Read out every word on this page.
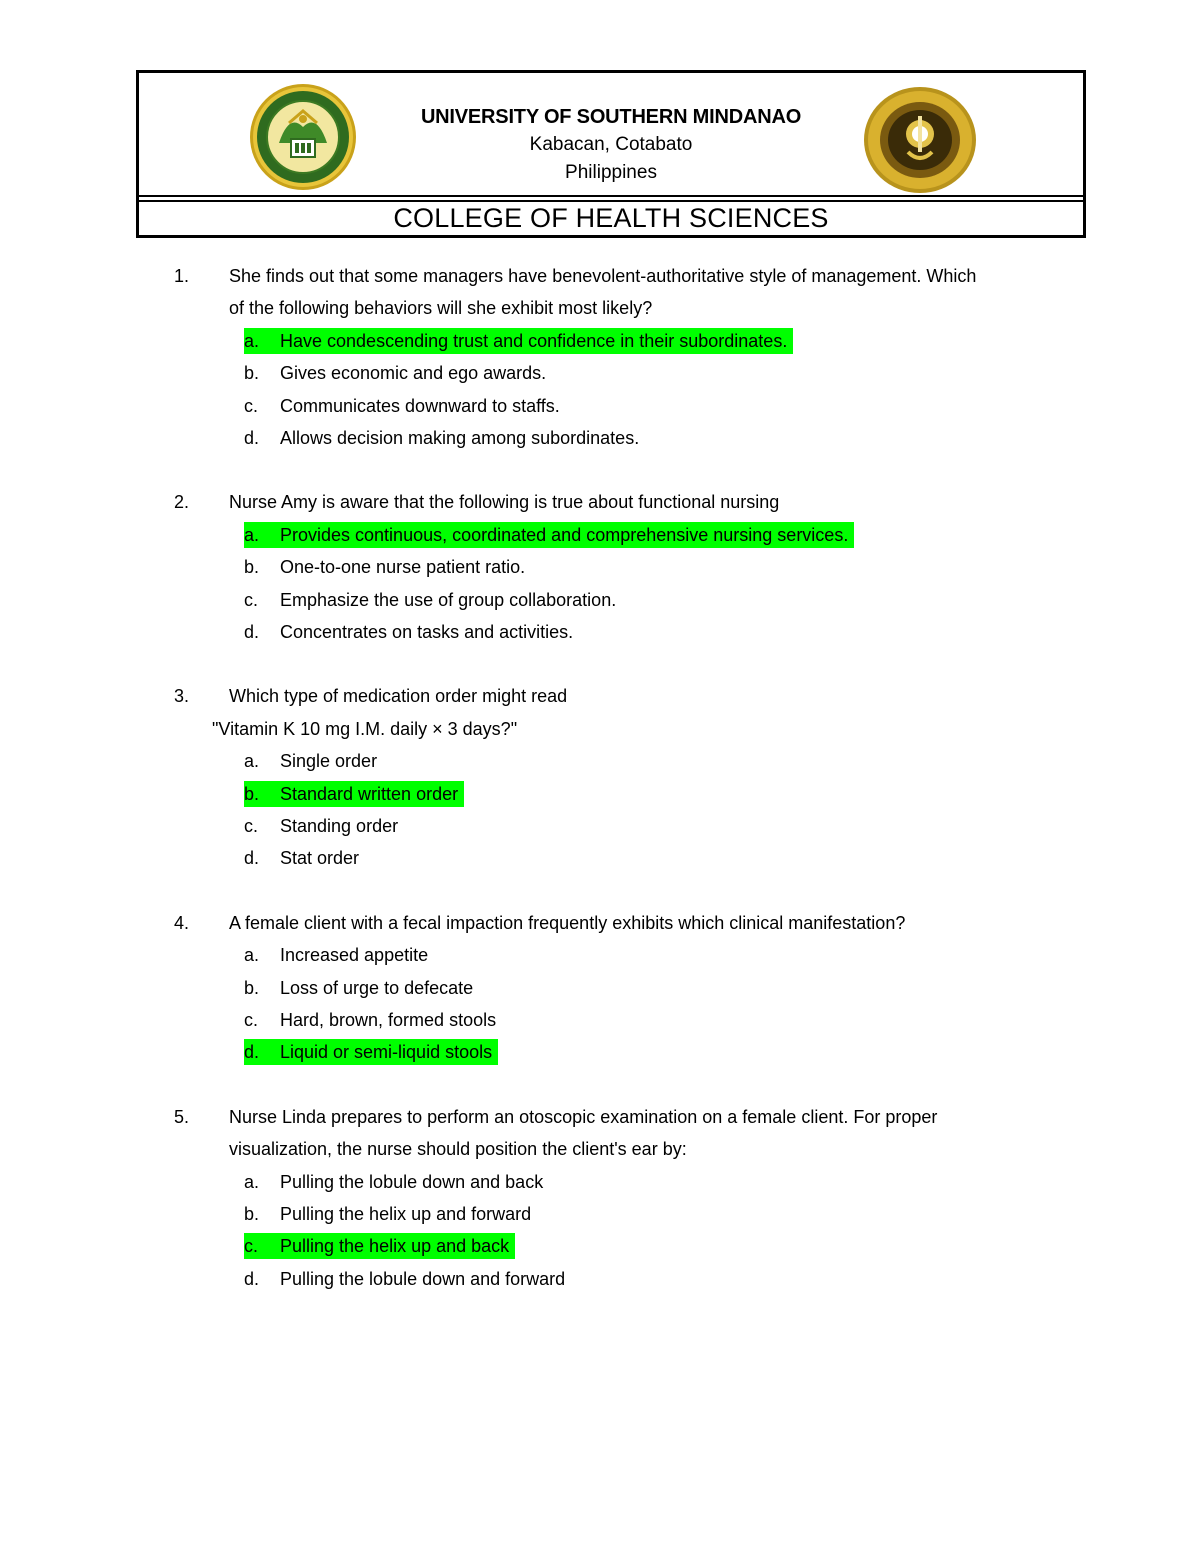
UNIVERSITY OF SOUTHERN MINDANAO
Kabacan, Cotabato
Philippines
COLLEGE OF HEALTH SCIENCES
1.	She finds out that some managers have benevolent-authoritative style of management. Which
of the following behaviors will she exhibit most likely?
a. Have condescending trust and confidence in their subordinates.
b. Gives economic and ego awards.
c. Communicates downward to staffs.
d. Allows decision making among subordinates.
2.	Nurse Amy is aware that the following is true about functional nursing
a. Provides continuous, coordinated and comprehensive nursing services.
b. One-to-one nurse patient ratio.
c. Emphasize the use of group collaboration.
d. Concentrates on tasks and activities.
3.	Which type of medication order might read
"Vitamin K 10 mg I.M. daily × 3 days?"
a. Single order
b. Standard written order
c. Standing order
d. Stat order
4.	A female client with a fecal impaction frequently exhibits which clinical manifestation?
a. Increased appetite
b. Loss of urge to defecate
c. Hard, brown, formed stools
d. Liquid or semi-liquid stools
5.	Nurse Linda prepares to perform an otoscopic examination on a female client. For proper
visualization, the nurse should position the client's ear by:
a. Pulling the lobule down and back
b. Pulling the helix up and forward
c. Pulling the helix up and back
d. Pulling the lobule down and forward
